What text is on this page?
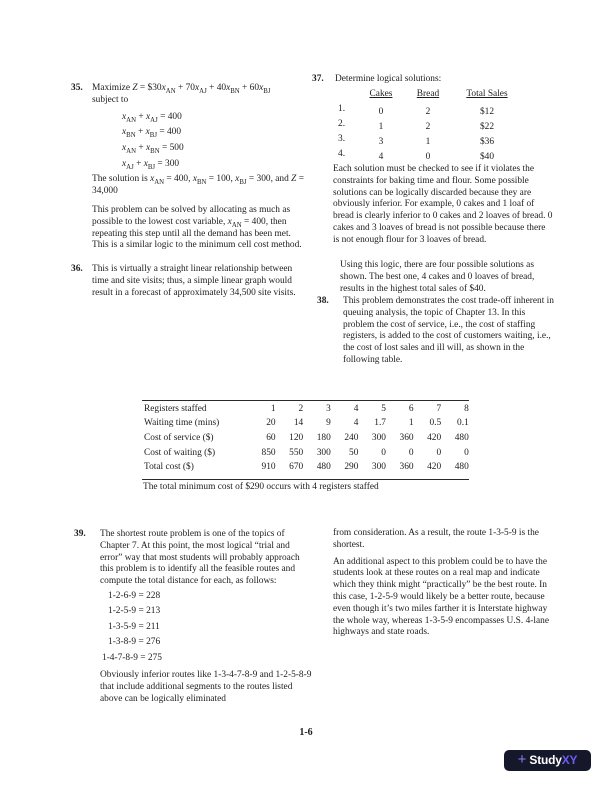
35. Maximize $Z = \$30x_{AN} + 70x_{AJ} + 40x_{BN} + 60x_{BJ}$
subject to
$x_{AN} + x_{AJ} = 400$
$x_{BN} + x_{BJ} = 400$
$x_{AN} + x_{BN} = 500$
$x_{AJ} + x_{BJ} = 300$
The solution is $x_{AN} = 400$, $x_{BN} = 100$, $x_{BJ} = 300$, and Z = 34,000
This problem can be solved by allocating as much as possible to the lowest cost variable, $x_{AN} = 400$, then repeating this step until all the demand has been met. This is a similar logic to the minimum cell cost method.
36. This is virtually a straight linear relationship between time and site visits; thus, a simple linear graph would result in a forecast of approximately 34,500 site visits.
37. Determine logical solutions:
Cakes	Bread	Total Sales
1.	0	2	$12
2.	1	2	$22
3.	3	1	$36
4.	4	0	$40
Each solution must be checked to see if it violates the constraints for baking time and flour. Some possible solutions can be logically discarded because they are obviously inferior. For example, 0 cakes and 1 loaf of bread is clearly inferior to 0 cakes and 2 loaves of bread. 0 cakes and 3 loaves of bread is not possible because there is not enough flour for 3 loaves of bread.
Using this logic, there are four possible solutions as shown. The best one, 4 cakes and 0 loaves of bread, results in the highest total sales of $40.
38. This problem demonstrates the cost trade-off inherent in queuing analysis, the topic of Chapter 13. In this problem the cost of service, i.e., the cost of staffing registers, is added to the cost of customers waiting, i.e., the cost of lost sales and ill will, as shown in the following table.
Registers staffed	1	2	3	4	5	6	7	8
Waiting time (mins)	20	14	9	4	1.7	1	0.5	0.1
Cost of service ($)	60	120	180	240	300	360	420	480
Cost of waiting ($)	850	550	300	50	0	0	0	0
Total cost ($)	910	670	480	290	300	360	420	480
The total minimum cost of $290 occurs with 4 registers staffed
39. The shortest route problem is one of the topics of Chapter 7. At this point, the most logical “trial and error” way that most students will probably approach this problem is to identify all the feasible routes and compute the total distance for each, as follows:
1-2-6-9 = 228
1-2-5-9 = 213
1-3-5-9 = 211
1-3-8-9 = 276
1-4-7-8-9 = 275
Obviously inferior routes like 1-3-4-7-8-9 and 1-2-5-8-9 that include additional segments to the routes listed above can be logically eliminated
from consideration. As a result, the route 1-3-5-9 is the shortest.
An additional aspect to this problem could be to have the students look at these routes on a real map and indicate which they think might “practically” be the best route. In this case, 1-2-5-9 would likely be a better route, because even though it’s two miles farther it is Interstate highway the whole way, whereas 1-3-5-9 encompasses U.S. 4-lane highways and state roads.
1-6
+ StudyXY
